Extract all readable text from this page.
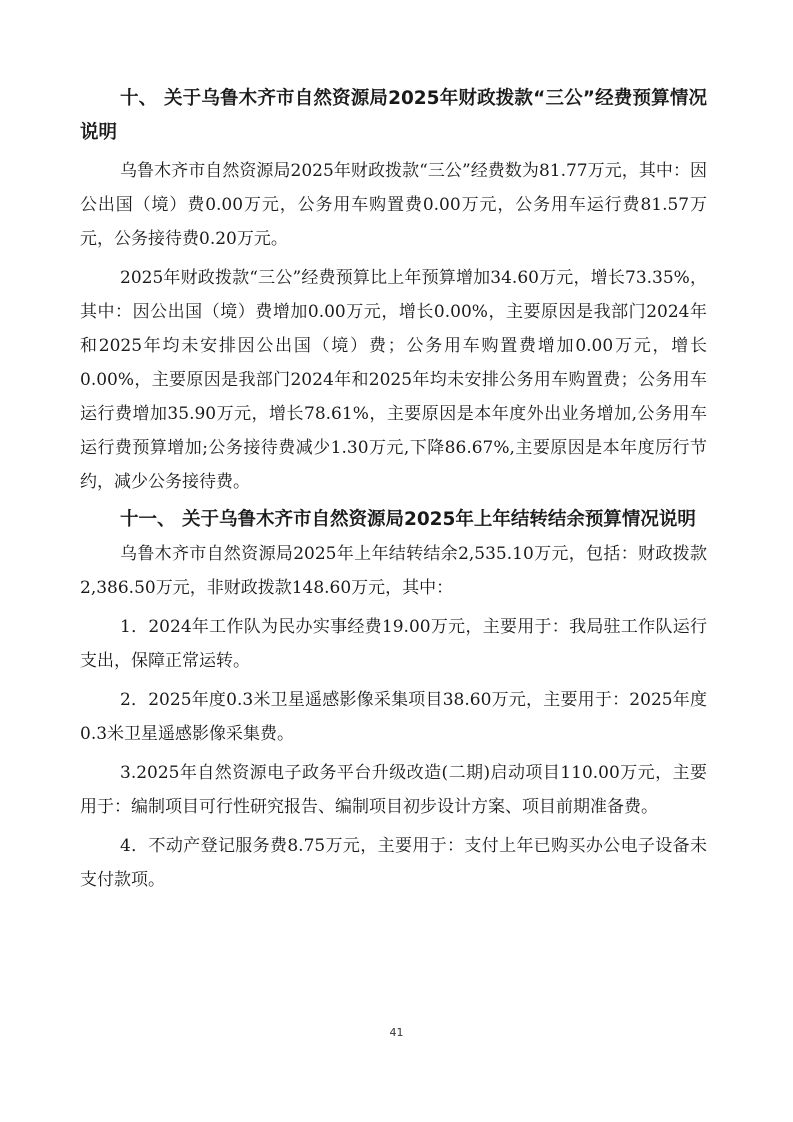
十、 关于乌鲁木齐市自然资源局2025年财政拨款“三公”经费预算情况说明

乌鲁木齐市自然资源局2025年财政拨款“三公”经费数为81.77万元，其中：因公出国（境）费0.00万元，公务用车购置费0.00万元，公务用车运行费81.57万元，公务接待费0.20万元。

2025年财政拨款“三公”经费预算比上年预算增加34.60万元，增长73.35%，其中：因公出国（境）费增加0.00万元，增长0.00%，主要原因是我部门2024年和2025年均未安排因公出国（境）费；公务用车购置费增加0.00万元，增长0.00%，主要原因是我部门2024年和2025年均未安排公务用车购置费；公务用车运行费增加35.90万元，增长78.61%，主要原因是本年度外出业务增加,公务用车运行费预算增加;公务接待费减少1.30万元,下降86.67%,主要原因是本年度厉行节约，减少公务接待费。

十一、 关于乌鲁木齐市自然资源局2025年上年结转结余预算情况说明

乌鲁木齐市自然资源局2025年上年结转结余2,535.10万元，包括：财政拨款2,386.50万元，非财政拨款148.60万元，其中：

1．2024年工作队为民办实事经费19.00万元，主要用于：我局驻工作队运行支出，保障正常运转。

2．2025年度0.3米卫星遥感影像采集项目38.60万元，主要用于：2025年度0.3米卫星遥感影像采集费。

3.2025年自然资源电子政务平台升级改造(二期)启动项目110.00万元，主要用于：编制项目可行性研究报告、编制项目初步设计方案、项目前期准备费。

4．不动产登记服务费8.75万元，主要用于：支付上年已购买办公电子设备未支付款项。

41
